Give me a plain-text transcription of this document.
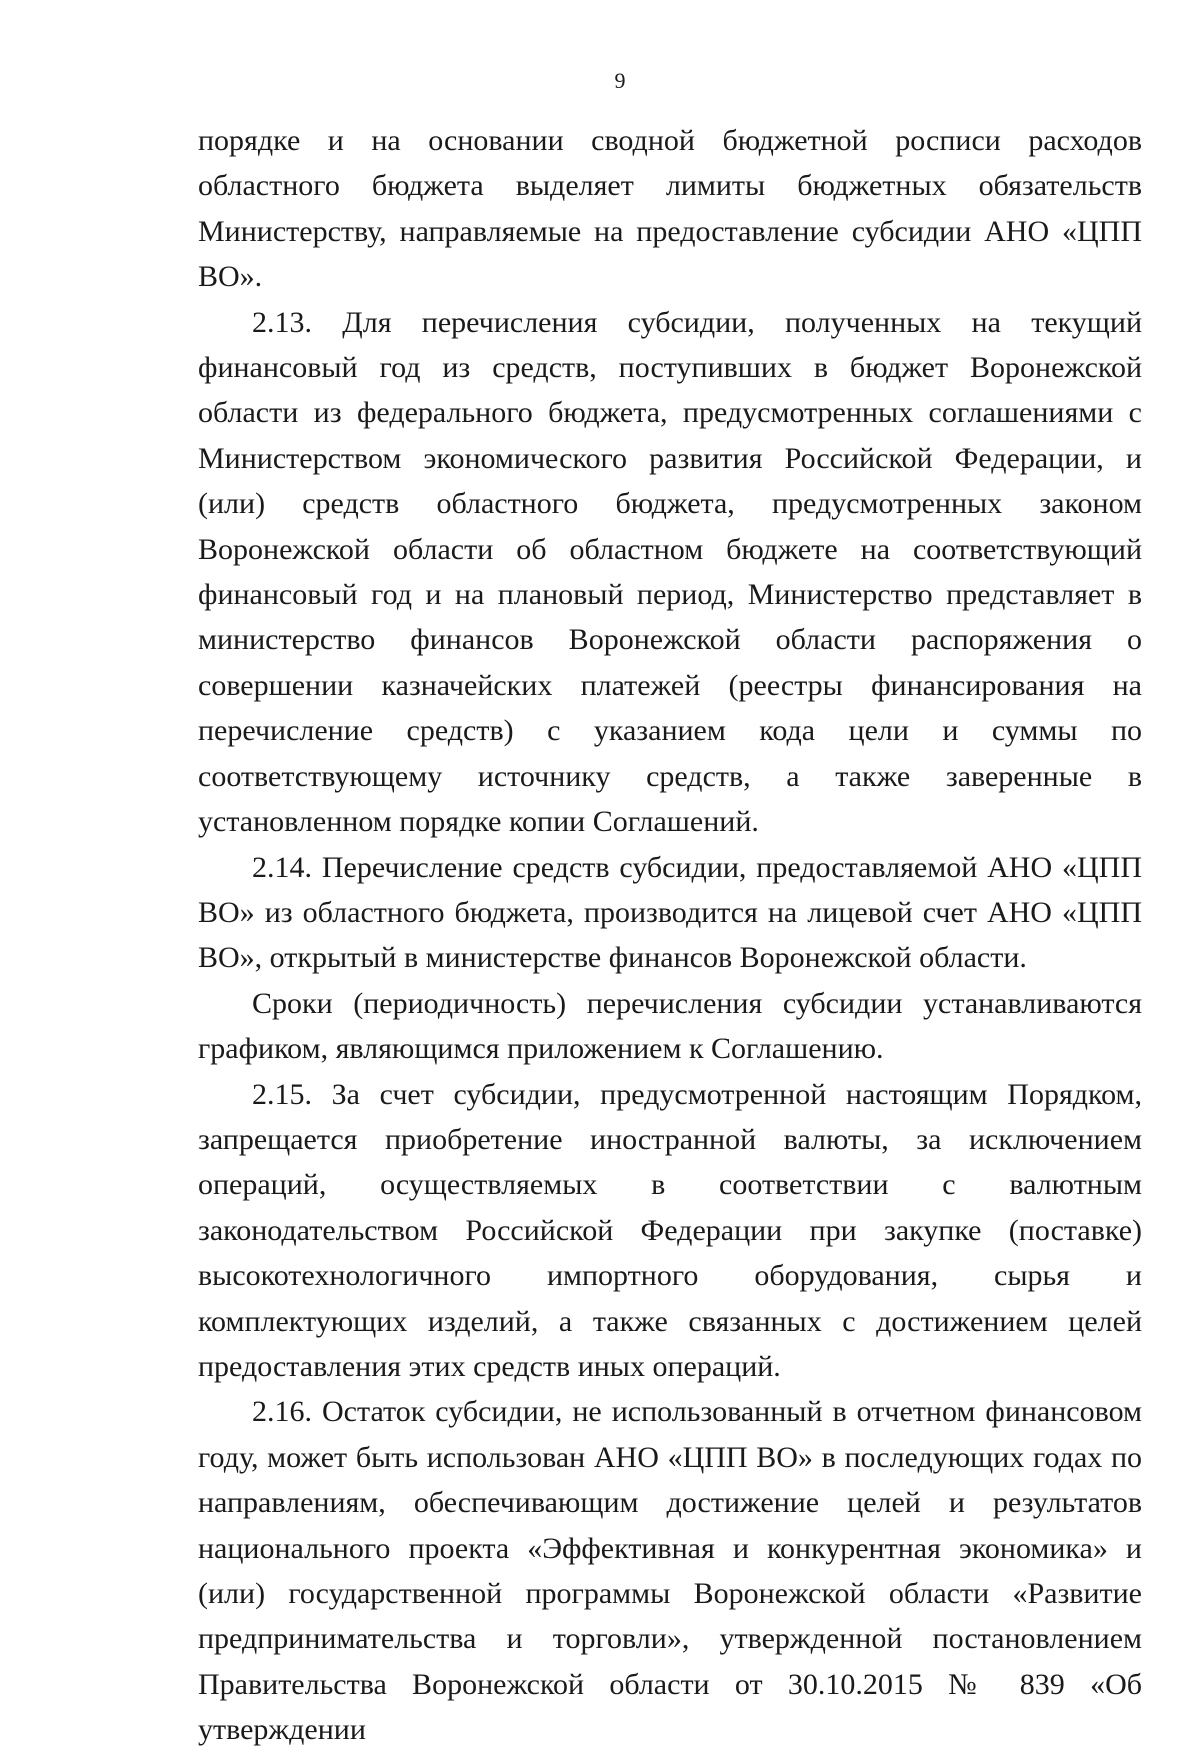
9

порядке и на основании сводной бюджетной росписи расходов областного бюджета выделяет лимиты бюджетных обязательств Министерству, направляемые на предоставление субсидии АНО «ЦПП ВО».

2.13. Для перечисления субсидии, полученных на текущий финансовый год из средств, поступивших в бюджет Воронежской области из федерального бюджета, предусмотренных соглашениями с Министерством экономического развития Российской Федерации, и (или) средств областного бюджета, предусмотренных законом Воронежской области об областном бюджете на соответствующий финансовый год и на плановый период, Министерство представляет в министерство финансов Воронежской области распоряжения о совершении казначейских платежей (реестры финансирования на перечисление средств) с указанием кода цели и суммы по соответствующему источнику средств, а также заверенные в установленном порядке копии Соглашений.

2.14. Перечисление средств субсидии, предоставляемой АНО «ЦПП ВО» из областного бюджета, производится на лицевой счет АНО «ЦПП ВО», открытый в министерстве финансов Воронежской области.

Сроки (периодичность) перечисления субсидии устанавливаются графиком, являющимся приложением к Соглашению.

2.15. За счет субсидии, предусмотренной настоящим Порядком, запрещается приобретение иностранной валюты, за исключением операций, осуществляемых в соответствии с валютным законодательством Российской Федерации при закупке (поставке) высокотехнологичного импортного оборудования, сырья и комплектующих изделий, а также связанных с достижением целей предоставления этих средств иных операций.

2.16. Остаток субсидии, не использованный в отчетном финансовом году, может быть использован АНО «ЦПП ВО» в последующих годах по направлениям, обеспечивающим достижение целей и результатов национального проекта «Эффективная и конкурентная экономика» и (или) государственной программы Воронежской области «Развитие предпринимательства и торговли», утвержденной постановлением Правительства Воронежской области от 30.10.2015 № 839 «Об утверждении
